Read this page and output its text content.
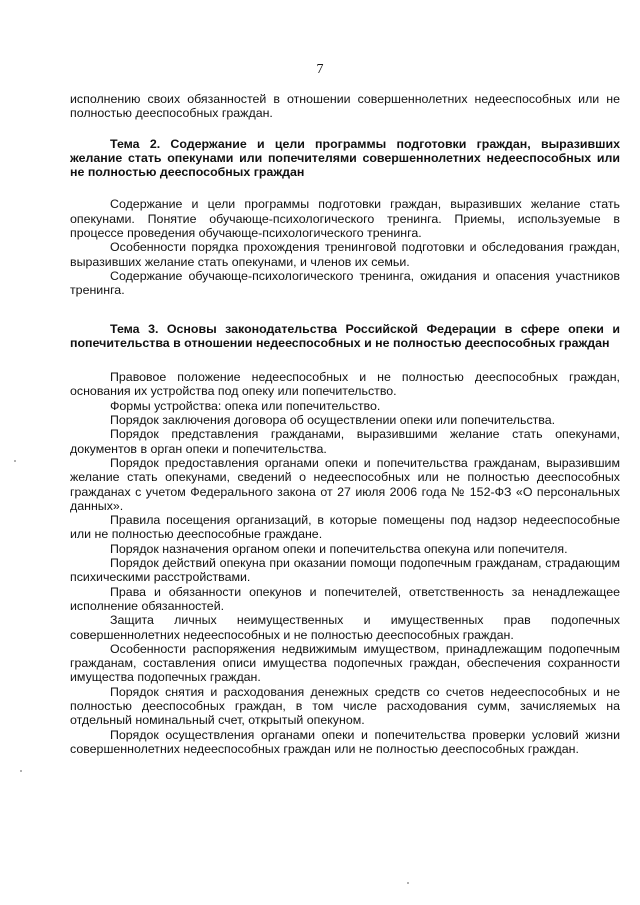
7

исполнению своих обязанностей в отношении совершеннолетних недееспособных или не полностью дееспособных граждан.

Тема 2. Содержание и цели программы подготовки граждан, выразивших желание стать опекунами или попечителями совершеннолетних недееспособных или не полностью дееспособных граждан

Содержание и цели программы подготовки граждан, выразивших желание стать опекунами. Понятие обучающе-психологического тренинга. Приемы, используемые в процессе проведения обучающе-психологического тренинга.

Особенности порядка прохождения тренинговой подготовки и обследования граждан, выразивших желание стать опекунами, и членов их семьи.

Содержание обучающе-психологического тренинга, ожидания и опасения участников тренинга.

Тема 3. Основы законодательства Российской Федерации в сфере опеки и попечительства в отношении недееспособных и не полностью дееспособных граждан

Правовое положение недееспособных и не полностью дееспособных граждан, основания их устройства под опеку или попечительство.

Формы устройства: опека или попечительство.

Порядок заключения договора об осуществлении опеки или попечительства.

Порядок представления гражданами, выразившими желание стать опекунами, документов в орган опеки и попечительства.

Порядок предоставления органами опеки и попечительства гражданам, выразившим желание стать опекунами, сведений о недееспособных или не полностью дееспособных гражданах с учетом Федерального закона от 27 июля 2006 года № 152-ФЗ «О персональных данных».

Правила посещения организаций, в которые помещены под надзор недееспособные или не полностью дееспособные граждане.

Порядок назначения органом опеки и попечительства опекуна или попечителя.

Порядок действий опекуна при оказании помощи подопечным гражданам, страдающим психическими расстройствами.

Права и обязанности опекунов и попечителей, ответственность за ненадлежащее исполнение обязанностей.

Защита личных неимущественных и имущественных прав подопечных совершеннолетних недееспособных и не полностью дееспособных граждан.

Особенности распоряжения недвижимым имуществом, принадлежащим подопечным гражданам, составления описи имущества подопечных граждан, обеспечения сохранности имущества подопечных граждан.

Порядок снятия и расходования денежных средств со счетов недееспособных и не полностью дееспособных граждан, в том числе расходования сумм, зачисляемых на отдельный номинальный счет, открытый опекуном.

Порядок осуществления органами опеки и попечительства проверки условий жизни совершеннолетних недееспособных граждан или не полностью дееспособных граждан.
